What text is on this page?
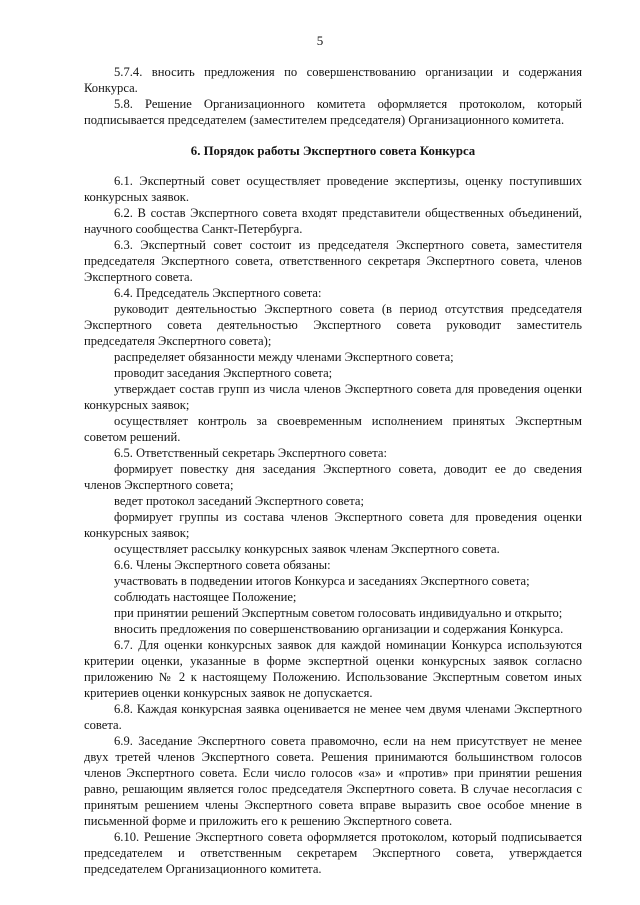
5

5.7.4. вносить предложения по совершенствованию организации и содержания Конкурса.

5.8. Решение Организационного комитета оформляется протоколом, который подписывается председателем (заместителем председателя) Организационного комитета.

6. Порядок работы Экспертного совета Конкурса

6.1. Экспертный совет осуществляет проведение экспертизы, оценку поступивших конкурсных заявок.

6.2. В состав Экспертного совета входят представители общественных объединений, научного сообщества Санкт-Петербурга.

6.3. Экспертный совет состоит из председателя Экспертного совета, заместителя председателя Экспертного совета, ответственного секретаря Экспертного совета, членов Экспертного совета.

6.4. Председатель Экспертного совета:

руководит деятельностью Экспертного совета (в период отсутствия председателя Экспертного совета деятельностью Экспертного совета руководит заместитель председателя Экспертного совета);

распределяет обязанности между членами Экспертного совета;

проводит заседания Экспертного совета;

утверждает состав групп из числа членов Экспертного совета для проведения оценки конкурсных заявок;

осуществляет контроль за своевременным исполнением принятых Экспертным советом решений.

6.5. Ответственный секретарь Экспертного совета:

формирует повестку дня заседания Экспертного совета, доводит ее до сведения членов Экспертного совета;

ведет протокол заседаний Экспертного совета;

формирует группы из состава членов Экспертного совета для проведения оценки конкурсных заявок;

осуществляет рассылку конкурсных заявок членам Экспертного совета.

6.6. Члены Экспертного совета обязаны:

участвовать в подведении итогов Конкурса и заседаниях Экспертного совета;

соблюдать настоящее Положение;

при принятии решений Экспертным советом голосовать индивидуально и открыто;

вносить предложения по совершенствованию организации и содержания Конкурса.

6.7. Для оценки конкурсных заявок для каждой номинации Конкурса используются критерии оценки, указанные в форме экспертной оценки конкурсных заявок согласно приложению № 2 к настоящему Положению. Использование Экспертным советом иных критериев оценки конкурсных заявок не допускается.

6.8. Каждая конкурсная заявка оценивается не менее чем двумя членами Экспертного совета.

6.9. Заседание Экспертного совета правомочно, если на нем присутствует не менее двух третей членов Экспертного совета. Решения принимаются большинством голосов членов Экспертного совета. Если число голосов «за» и «против» при принятии решения равно, решающим является голос председателя Экспертного совета. В случае несогласия с принятым решением члены Экспертного совета вправе выразить свое особое мнение в письменной форме и приложить его к решению Экспертного совета.

6.10. Решение Экспертного совета оформляется протоколом, который подписывается председателем и ответственным секретарем Экспертного совета, утверждается председателем Организационного комитета.
